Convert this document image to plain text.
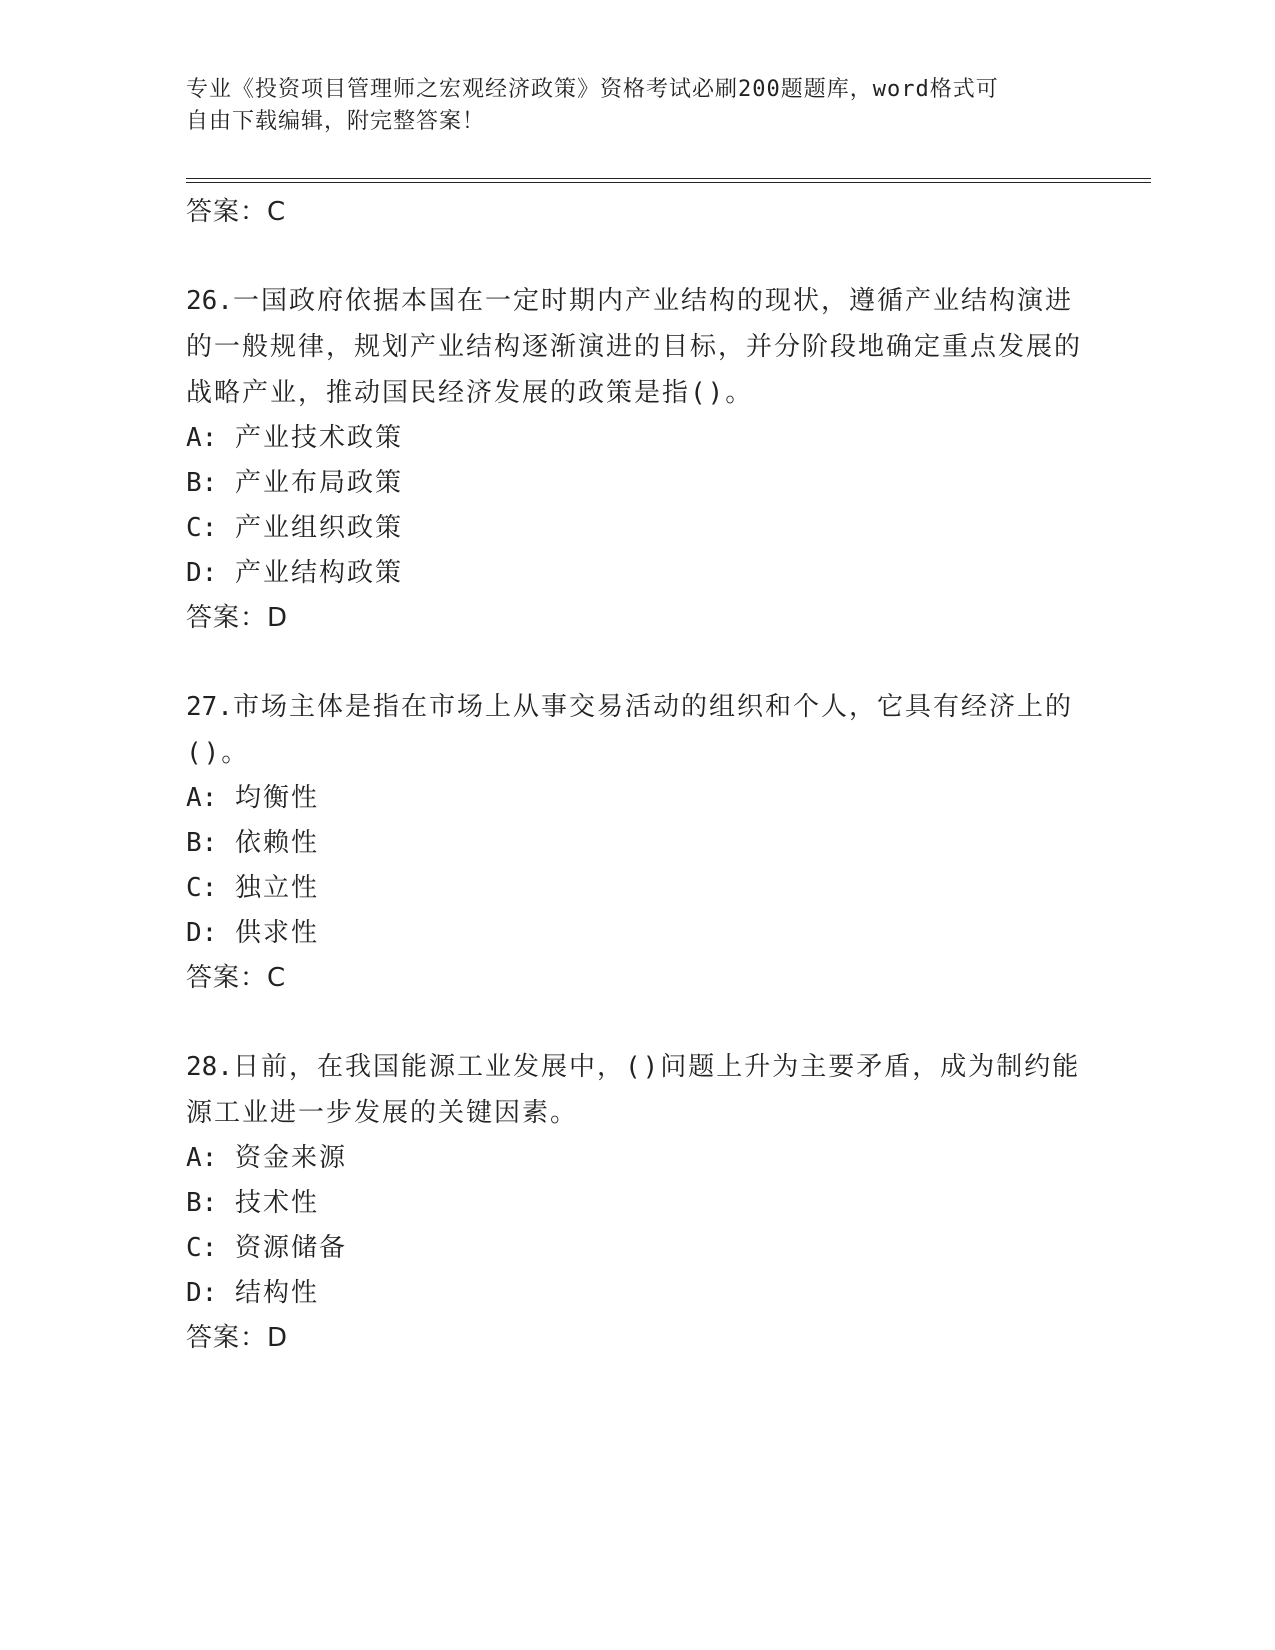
专业《投资项目管理师之宏观经济政策》资格考试必刷200题题库，word格式可
自由下载编辑，附完整答案！

答案：C

26.一国政府依据本国在一定时期内产业结构的现状，遵循产业结构演进的一般规律，规划产业结构逐渐演进的目标，并分阶段地确定重点发展的战略产业，推动国民经济发展的政策是指()。

A: 产业技术政策

B: 产业布局政策

C: 产业组织政策

D: 产业结构政策

答案：D

27.市场主体是指在市场上从事交易活动的组织和个人，它具有经济上的()。

A: 均衡性

B: 依赖性

C: 独立性

D: 供求性

答案：C

28.日前，在我国能源工业发展中，()问题上升为主要矛盾，成为制约能源工业进一步发展的关键因素。

A: 资金来源

B: 技术性

C: 资源储备

D: 结构性

答案：D
